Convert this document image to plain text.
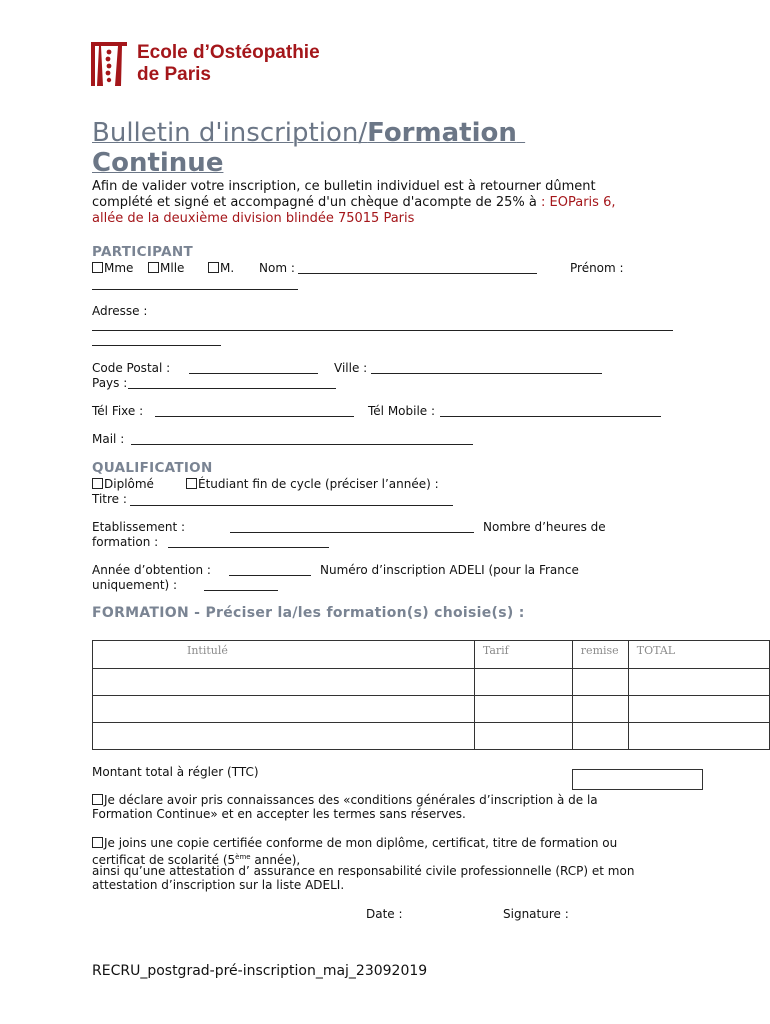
Ecole d’Ostéopathie
de Paris
Bulletin d'inscription/Formation
Continue
Afin de valider votre inscription, ce bulletin individuel est à retourner dûment
complété et signé et accompagné d'un chèque d'acompte de 25% à : EOParis 6,
allée de la deuxième division blindée 75015 Paris
PARTICIPANT
Mme	Mlle	M. Nom :	Prénom :
Adresse :
Code Postal :	Ville :
Pays :
Tél Fixe :	Tél Mobile :
Mail :
QUALIFICATION
Diplômé	Étudiant fin de cycle (préciser l’année) :
Titre :
Etablissement :	Nombre d’heures de
formation :
Année d’obtention :	Numéro d’inscription ADELI (pour la France
uniquement) :
FORMATION - Préciser la/les formation(s) choisie(s) :
Intitulé	Tarif	remise	TOTAL

Montant total à régler (TTC)
Je déclare avoir pris connaissances des «conditions générales d’inscription à de la
Formation Continue» et en accepter les termes sans réserves.
Je joins une copie certifiée conforme de mon diplôme, certificat, titre de formation ou
certificat de scolarité (5ème année),
ainsi qu’une attestation d’ assurance en responsabilité civile professionnelle (RCP) et mon
attestation d’inscription sur la liste ADELI.
Date :	Signature :
RECRU_postgrad-pré-inscription_maj_23092019
